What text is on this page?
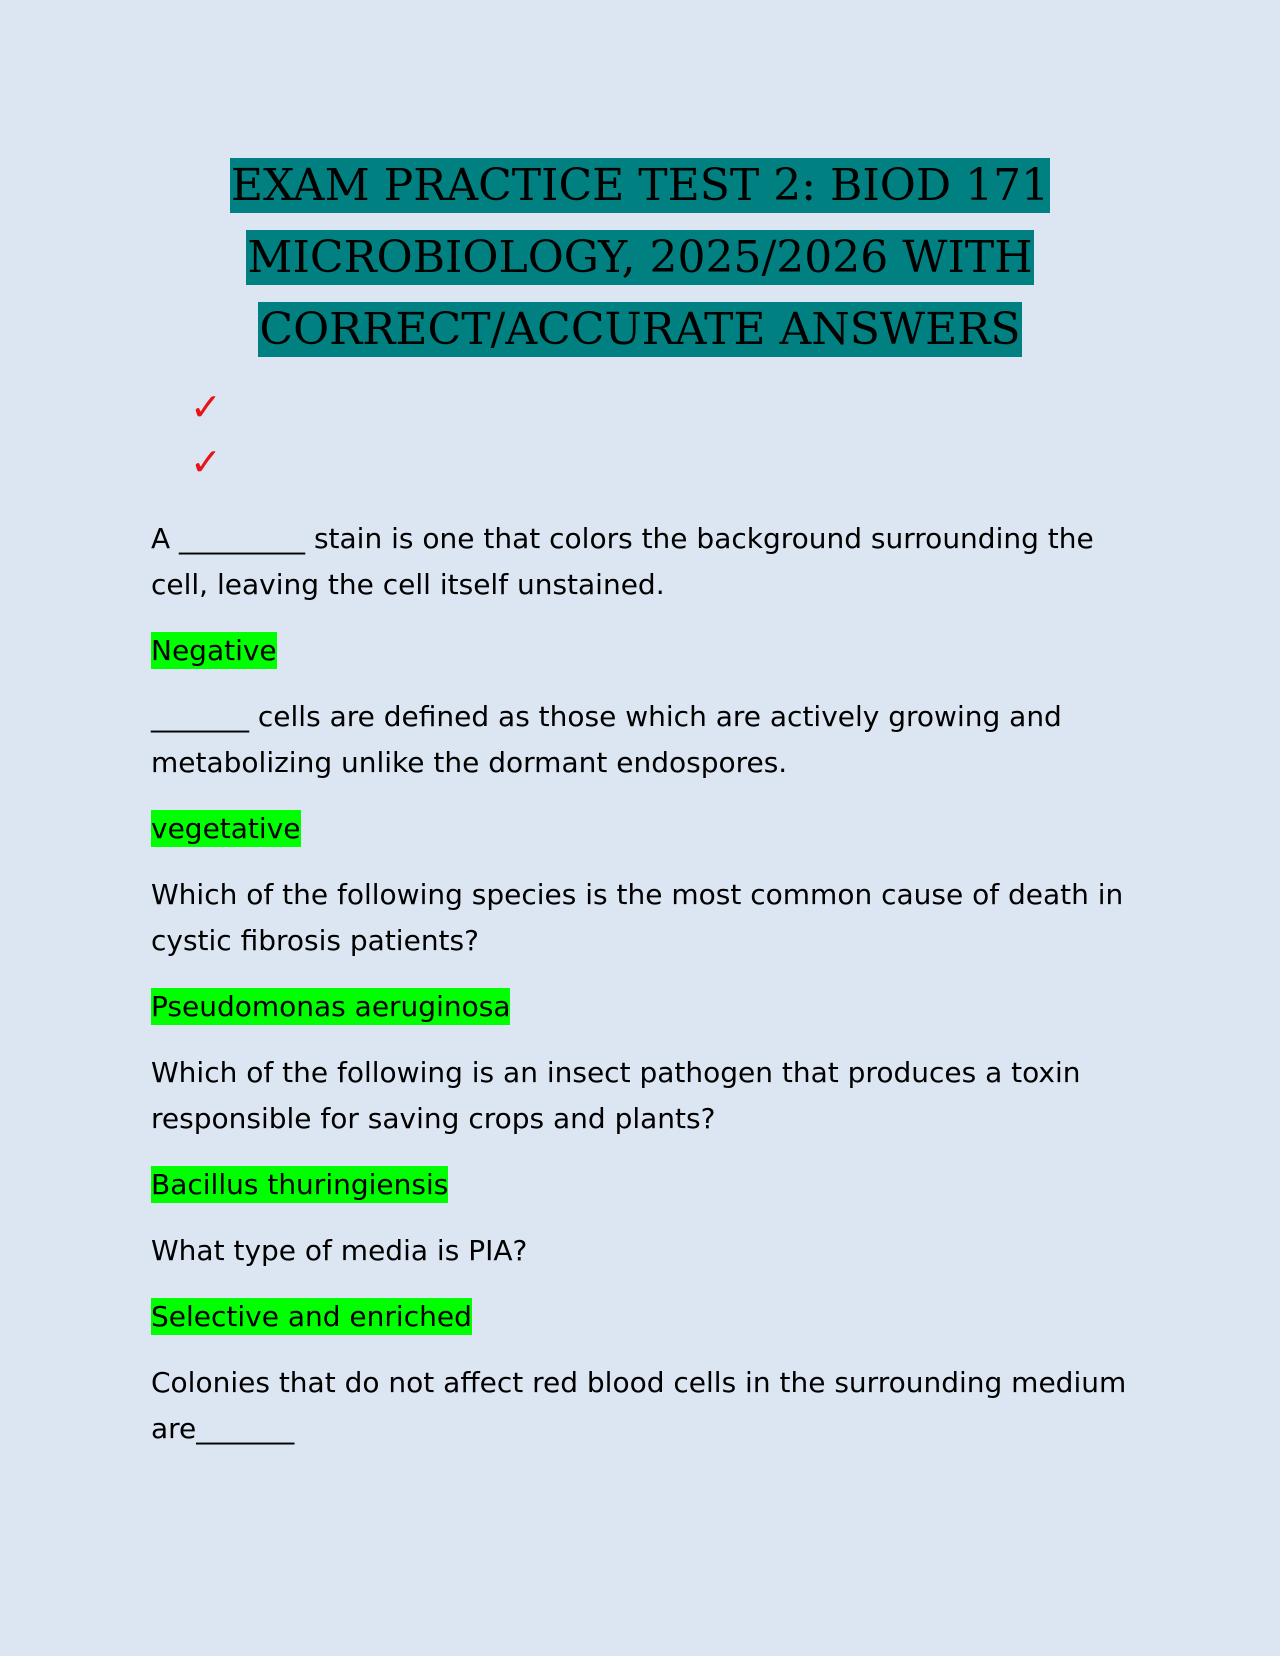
EXAM PRACTICE TEST 2: BIOD 171
MICROBIOLOGY, 2025/2026 WITH
CORRECT/ACCURATE ANSWERS
✓
✓

A _________ stain is one that colors the background surrounding the cell, leaving the cell itself unstained.

Negative

_______ cells are defined as those which are actively growing and metabolizing unlike the dormant endospores.

vegetative

Which of the following species is the most common cause of death in cystic fibrosis patients?

Pseudomonas aeruginosa

Which of the following is an insect pathogen that produces a toxin responsible for saving crops and plants?

Bacillus thuringiensis

What type of media is PIA?

Selective and enriched

Colonies that do not affect red blood cells in the surrounding medium are_______
